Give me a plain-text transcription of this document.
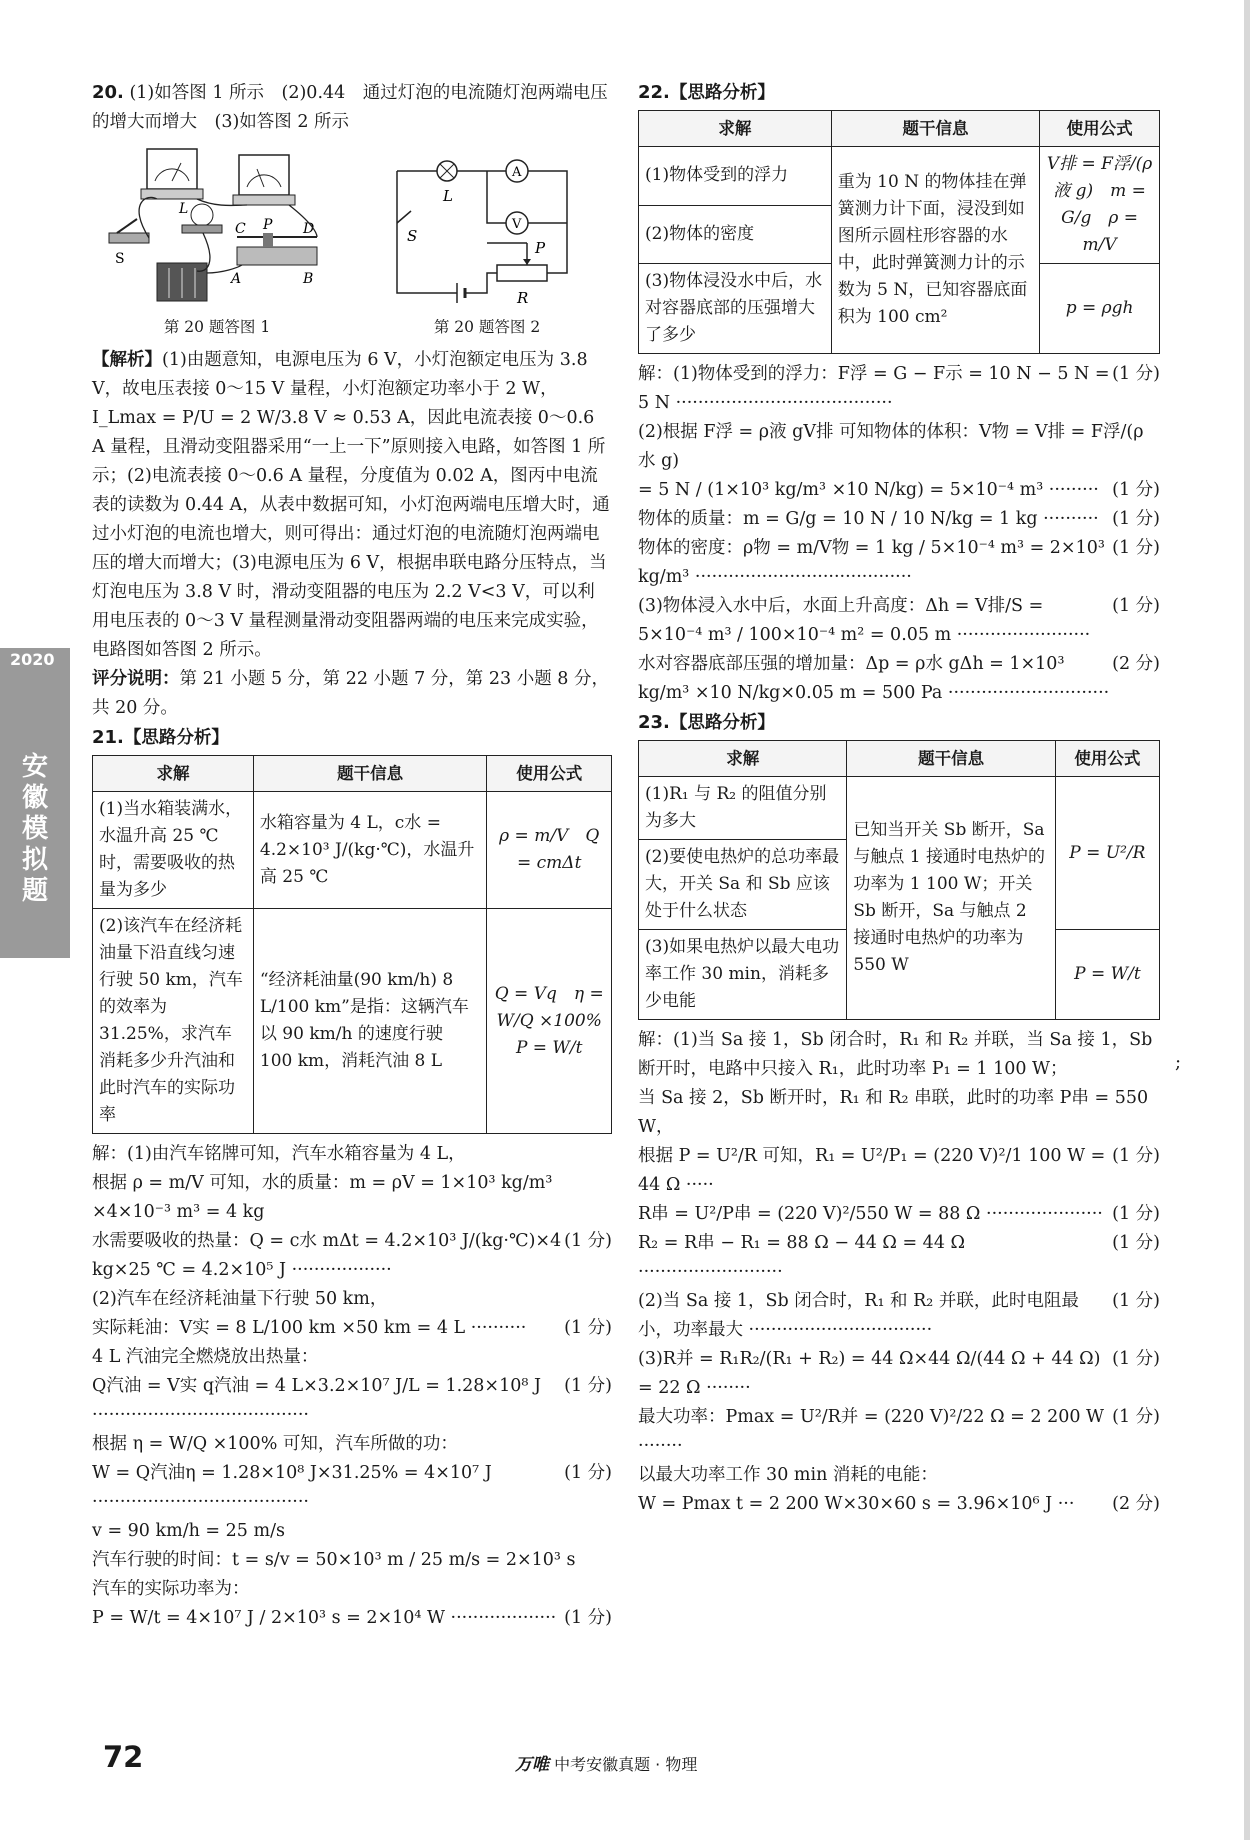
20. (1)如答图 1 所示　(2)0.44　通过灯泡的电流随灯泡两端电压的增大而增大　(3)如答图 2 所示

L
S
C P D
A	B
第 20 题答图 1
L
A
V
S
P
R
第 20 题答图 2

【解析】(1)由题意知，电源电压为 6 V，小灯泡额定电压为 3.8 V，故电压表接 0～15 V 量程，小灯泡额定功率小于 2 W，I_Lmax = P/U = 2 W/3.8 V ≈ 0.53 A，因此电流表接 0～0.6 A 量程，且滑动变阻器采用“一上一下”原则接入电路，如答图 1 所示；(2)电流表接 0～0.6 A 量程，分度值为 0.02 A，图丙中电流表的读数为 0.44 A，从表中数据可知，小灯泡两端电压增大时，通过小灯泡的电流也增大，则可得出：通过灯泡的电流随灯泡两端电压的增大而增大；(3)电源电压为 6 V，根据串联电路分压特点，当灯泡电压为 3.8 V 时，滑动变阻器的电压为 2.2 V<3 V，可以利用电压表的 0～3 V 量程测量滑动变阻器两端的电压来完成实验，电路图如答图 2 所示。

评分说明：第 21 小题 5 分，第 22 小题 7 分，第 23 小题 8 分，共 20 分。

21.【思路分析】

求解	题干信息	使用公式
(1)当水箱装满水，水温升高 25 ℃时，需要吸收的热量为多少	水箱容量为 4 L，c水 = 4.2×10³ J/(kg·℃)，水温升高 25 ℃	ρ = m/V　Q = cmΔt
(2)该汽车在经济耗油量下沿直线匀速行驶 50 km，汽车的效率为 31.25%，求汽车消耗多少升汽油和此时汽车的实际功率	“经济耗油量(90 km/h) 8 L/100 km”是指：这辆汽车以 90 km/h 的速度行驶 100 km，消耗汽油 8 L	Q = Vq　η = W/Q ×100%　P = W/t

解：(1)由汽车铭牌可知，汽车水箱容量为 4 L，

根据 ρ = m/V 可知，水的质量：m = ρV = 1×10³ kg/m³ ×4×10⁻³ m³ = 4 kg

(1 分)
水需要吸收的热量：Q = c水 mΔt = 4.2×10³ J/(kg·℃)×4 kg×25 ℃ = 4.2×10⁵ J ··················

(2)汽车在经济耗油量下行驶 50 km，

(1 分)
实际耗油：V实 = 8 L/100 km ×50 km = 4 L ··········

4 L 汽油完全燃烧放出热量：

(1 分)
Q汽油 = V实 q汽油 = 4 L×3.2×10⁷ J/L = 1.28×10⁸ J ·······································

根据 η = W/Q ×100% 可知，汽车所做的功：

(1 分)
W = Q汽油η = 1.28×10⁸ J×31.25% = 4×10⁷ J ·······································

v = 90 km/h = 25 m/s

汽车行驶的时间：t = s/v = 50×10³ m / 25 m/s = 2×10³ s

汽车的实际功率为：

(1 分)
P = W/t = 4×10⁷ J / 2×10³ s = 2×10⁴ W ···················

22.【思路分析】

求解	题干信息	使用公式
(1)物体受到的浮力	重为 10 N 的物体挂在弹簧测力计下面，浸没到如图所示圆柱形容器的水中，此时弹簧测力计的示数为 5 N，已知容器底面积为 100 cm²	V排 = F浮/(ρ液 g)　m = G/g　ρ = m/V
(2)物体的密度		
(3)物体浸没水中后，水对容器底部的压强增大了多少		p = ρgh

(1 分)
解：(1)物体受到的浮力：F浮 = G − F示 = 10 N − 5 N = 5 N ·······································

(2)根据 F浮 = ρ液 gV排 可知物体的体积：V物 = V排 = F浮/(ρ水 g)

(1 分)
= 5 N / (1×10³ kg/m³ ×10 N/kg) = 5×10⁻⁴ m³ ·········

(1 分)
物体的质量：m = G/g = 10 N / 10 N/kg = 1 kg ··········

(1 分)
物体的密度：ρ物 = m/V物 = 1 kg / 5×10⁻⁴ m³ = 2×10³ kg/m³ ·······································

(1 分)
(3)物体浸入水中后，水面上升高度：Δh = V排/S = 5×10⁻⁴ m³ / 100×10⁻⁴ m² = 0.05 m ························

(2 分)
水对容器底部压强的增加量：Δp = ρ水 gΔh = 1×10³ kg/m³ ×10 N/kg×0.05 m = 500 Pa ·····························

23.【思路分析】

求解	题干信息	使用公式
(1)R₁ 与 R₂ 的阻值分别为多大	已知当开关 Sb 断开，Sa 与触点 1 接通时电热炉的功率为 1 100 W；开关 Sb 断开，Sa 与触点 2 接通时电热炉的功率为 550 W	P = U²/R
(2)要使电热炉的总功率最大，开关 Sa 和 Sb 应该处于什么状态		
(3)如果电热炉以最大电功率工作 30 min，消耗多少电能		P = W/t

解：(1)当 Sa 接 1，Sb 闭合时，R₁ 和 R₂ 并联，当 Sa 接 1，Sb 断开时，电路中只接入 R₁，此时功率 P₁ = 1 100 W；

当 Sa 接 2，Sb 断开时，R₁ 和 R₂ 串联，此时的功率 P串 = 550 W，

(1 分)
根据 P = U²/R 可知，R₁ = U²/P₁ = (220 V)²/1 100 W = 44 Ω ·····

(1 分)
R串 = U²/P串 = (220 V)²/550 W = 88 Ω ·····················

(1 分)
R₂ = R串 − R₁ = 88 Ω − 44 Ω = 44 Ω ··························

(1 分)
(2)当 Sa 接 1，Sb 闭合时，R₁ 和 R₂ 并联，此时电阻最小，功率最大 ·································

(1 分)
(3)R并 = R₁R₂/(R₁ + R₂) = 44 Ω×44 Ω/(44 Ω + 44 Ω) = 22 Ω ········

(1 分)
最大功率：Pmax = U²/R并 = (220 V)²/22 Ω = 2 200 W ········

以最大功率工作 30 min 消耗的电能：

(2 分)
W = Pmax t = 2 200 W×30×60 s = 3.96×10⁶ J ···

;
2020
安徽模拟题
72	万唯 中考安徽真题 · 物理
